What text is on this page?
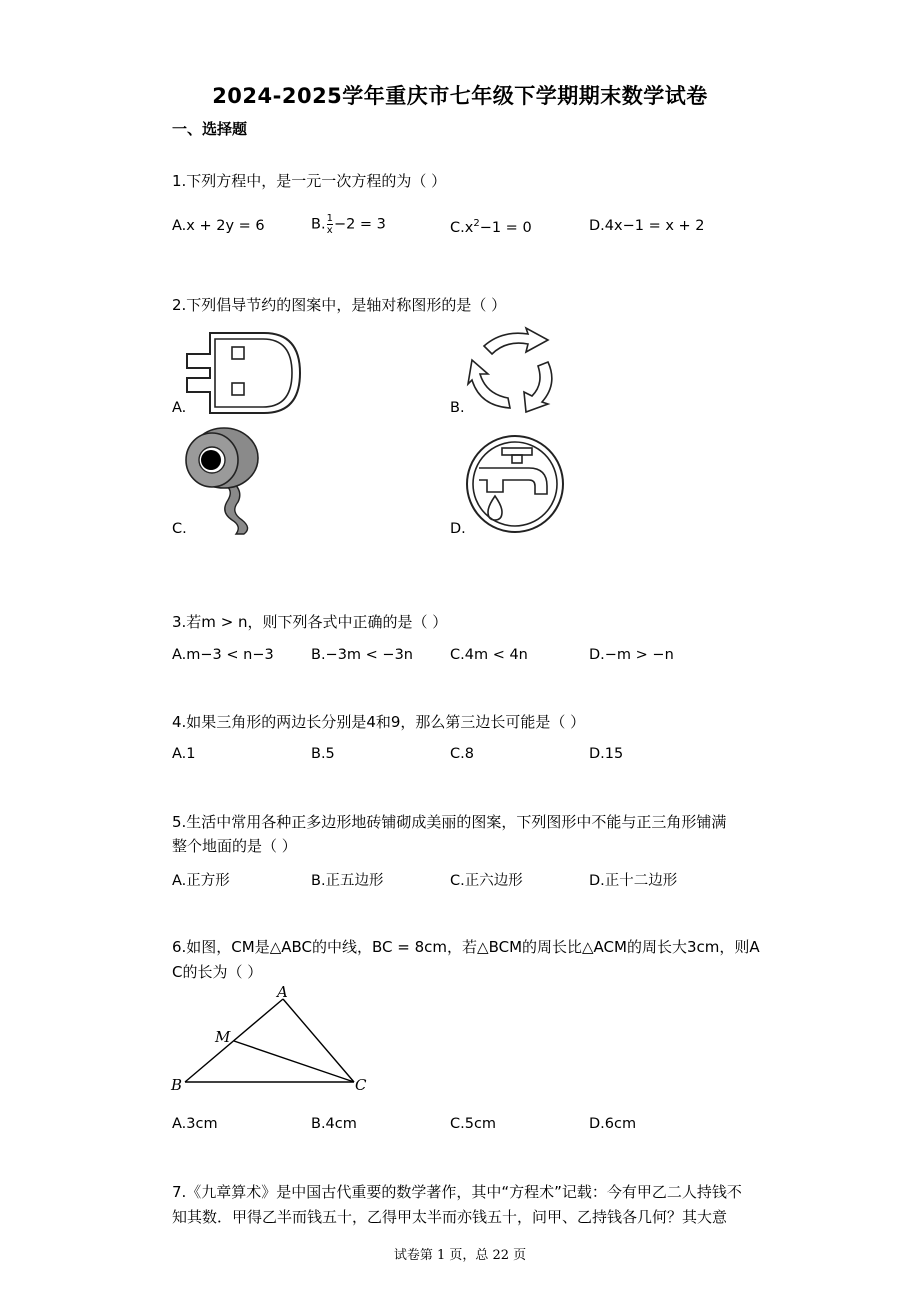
2024-2025学年重庆市七年级下学期期末数学试卷
一、选择题
1.下列方程中，是一元一次方程的为（ ）
A.x + 2y = 6	B. $\frac{1}{x} -2 = 3$	$C.x^2-1 = 0$	D.4x−1 = x + 2
2.下列倡导节约的图案中，是轴对称图形的是（ ）
A.	B.
C.	D.
3.若m > n，则下列各式中正确的是（ ）
A.m−3 < n−3	B.−3m < −3n	C.4m < 4n	D.−m > −n
4.如果三角形的两边长分别是4和9，那么第三边长可能是（ ）
A.1	B.5	C.8	D.15
5.生活中常用各种正多边形地砖铺砌成美丽的图案，下列图形中不能与正三角形铺满
整个地面的是（ ）
A.正方形	B.正五边形	C.正六边形	D.正十二边形
6.如图，CM是△ABC的中线，BC = 8cm，若△BCM的周长比△ACM的周长大3cm，则A
C的长为（ ）
A
M
B	C
A.3cm	B.4cm	C.5cm	D.6cm
7.《九章算术》是中国古代重要的数学著作，其中“方程术”记载：今有甲乙二人持钱不
知其数．甲得乙半而钱五十，乙得甲太半而亦钱五十，问甲、乙持钱各几何？其大意
试卷第 1 页，总 22 页
